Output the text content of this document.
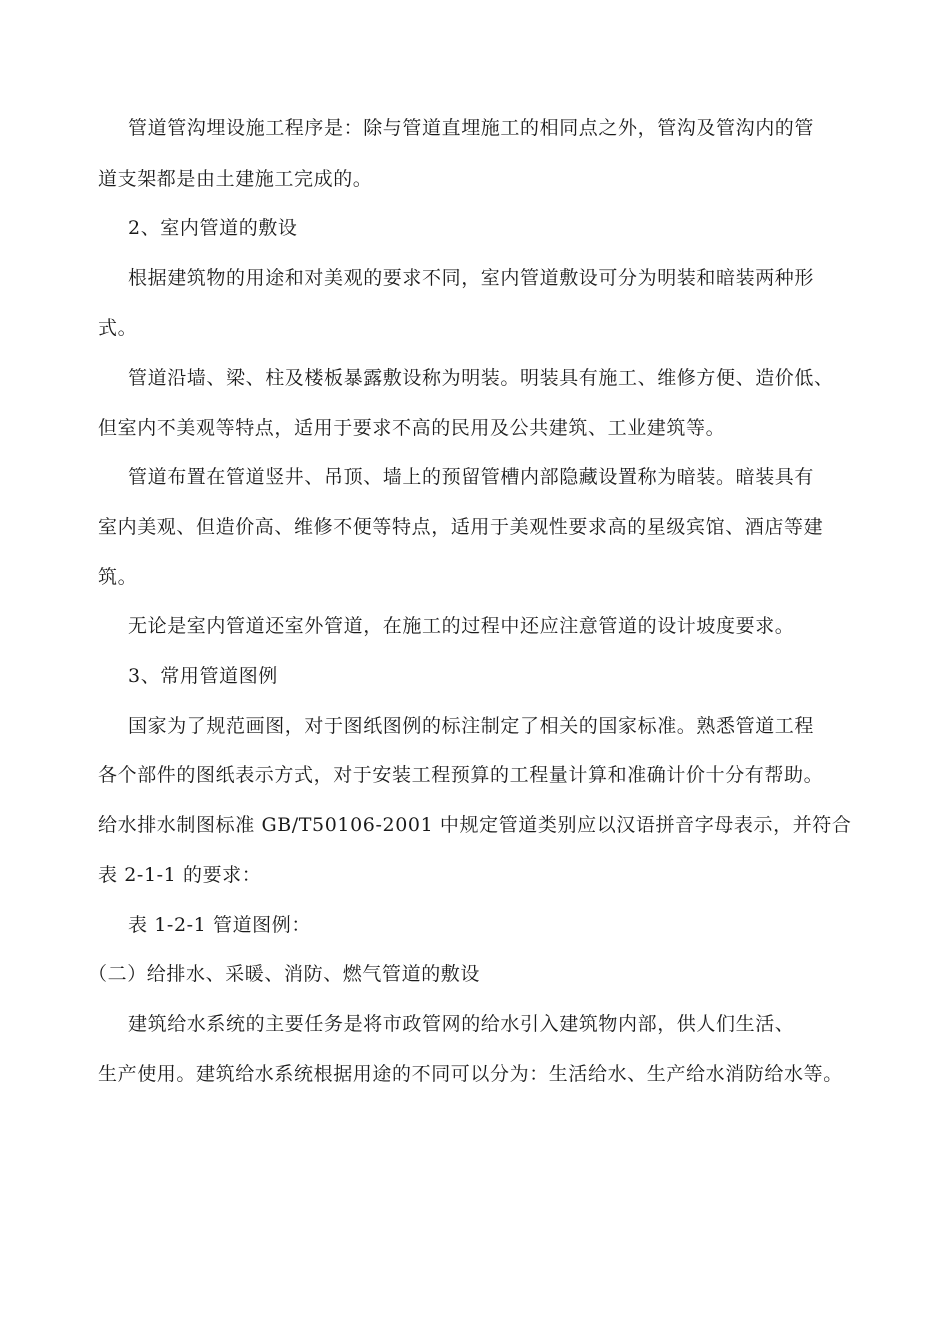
管道管沟埋设施工程序是：除与管道直埋施工的相同点之外，管沟及管沟内的管
道支架都是由土建施工完成的。
2、室内管道的敷设
根据建筑物的用途和对美观的要求不同，室内管道敷设可分为明装和暗装两种形
式。
管道沿墙、梁、柱及楼板暴露敷设称为明装。明装具有施工、维修方便、造价低、
但室内不美观等特点，适用于要求不高的民用及公共建筑、工业建筑等。
管道布置在管道竖井、吊顶、墙上的预留管槽内部隐藏设置称为暗装。暗装具有
室内美观、但造价高、维修不便等特点，适用于美观性要求高的星级宾馆、酒店等建
筑。
无论是室内管道还室外管道，在施工的过程中还应注意管道的设计坡度要求。
3、常用管道图例
国家为了规范画图，对于图纸图例的标注制定了相关的国家标准。熟悉管道工程
各个部件的图纸表示方式，对于安装工程预算的工程量计算和准确计价十分有帮助。
给水排水制图标准 GB/T50106-2001 中规定管道类别应以汉语拼音字母表示，并符合
表 2-1-1 的要求：
表 1-2-1 管道图例：
（二）给排水、采暖、消防、燃气管道的敷设
建筑给水系统的主要任务是将市政管网的给水引入建筑物内部，供人们生活、
生产使用。建筑给水系统根据用途的不同可以分为：生活给水、生产给水消防给水等。
